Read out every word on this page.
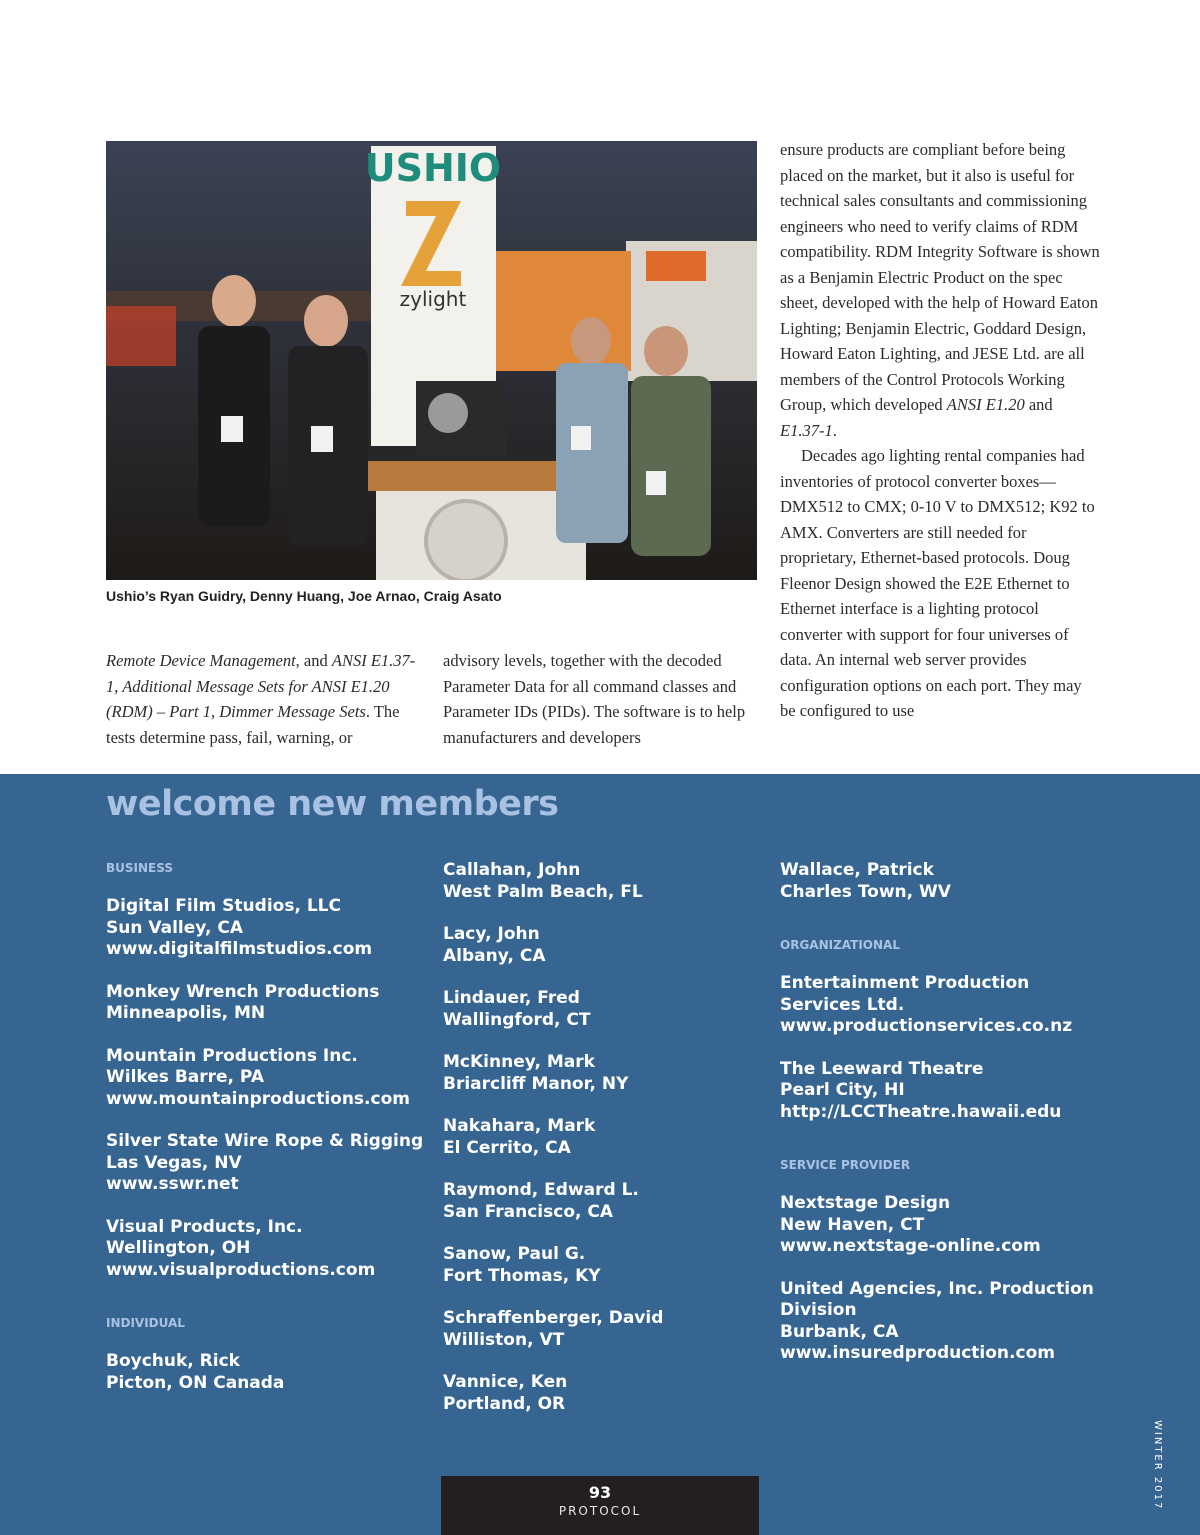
USHIO
zylight
Ushio’s Ryan Guidry, Denny Huang, Joe Arnao, Craig Asato

Remote Device Management, and ANSI E1.37-1, Additional Message Sets for ANSI E1.20 (RDM) – Part 1, Dimmer Message Sets. The tests determine pass, fail, warning, or

advisory levels, together with the decoded Parameter Data for all command classes and Parameter IDs (PIDs). The software is to help manufacturers and developers

ensure products are compliant before being placed on the market, but it also is useful for technical sales consultants and commissioning engineers who need to verify claims of RDM compatibility. RDM Integrity Software is shown as a Benjamin Electric Product on the spec sheet, developed with the help of Howard Eaton Lighting; Benjamin Electric, Goddard Design, Howard Eaton Lighting, and JESE Ltd. are all members of the Control Protocols Working Group, which developed ANSI E1.20 and E1.37-1.

Decades ago lighting rental companies had inventories of protocol converter boxes—DMX512 to CMX; 0-10 V to DMX512; K92 to AMX. Converters are still needed for proprietary, Ethernet-based protocols. Doug Fleenor Design showed the E2E Ethernet to Ethernet interface is a lighting protocol converter with support for four universes of data. An internal web server provides configuration options on each port. They may be configured to use

welcome new members
BUSINESS
Digital Film Studios, LLC
Sun Valley, CA
www.digitalfilmstudios.com
Monkey Wrench Productions
Minneapolis, MN
Mountain Productions Inc.
Wilkes Barre, PA
www.mountainproductions.com
Silver State Wire Rope & Rigging
Las Vegas, NV
www.sswr.net
Visual Products, Inc.
Wellington, OH
www.visualproductions.com
INDIVIDUAL
Boychuk, Rick
Picton, ON Canada
Callahan, John
West Palm Beach, FL
Lacy, John
Albany, CA
Lindauer, Fred
Wallingford, CT
McKinney, Mark
Briarcliff Manor, NY
Nakahara, Mark
El Cerrito, CA
Raymond, Edward L.
San Francisco, CA
Sanow, Paul G.
Fort Thomas, KY
Schraffenberger, David
Williston, VT
Vannice, Ken
Portland, OR
Wallace, Patrick
Charles Town, WV
ORGANIZATIONAL
Entertainment Production Services Ltd.
www.productionservices.co.nz
The Leeward Theatre
Pearl City, HI
http://LCCTheatre.hawaii.edu
SERVICE PROVIDER
Nextstage Design
New Haven, CT
www.nextstage-online.com
United Agencies, Inc. Production Division
Burbank, CA
www.insuredproduction.com
93
PROTOCOL
WINTER 2017
